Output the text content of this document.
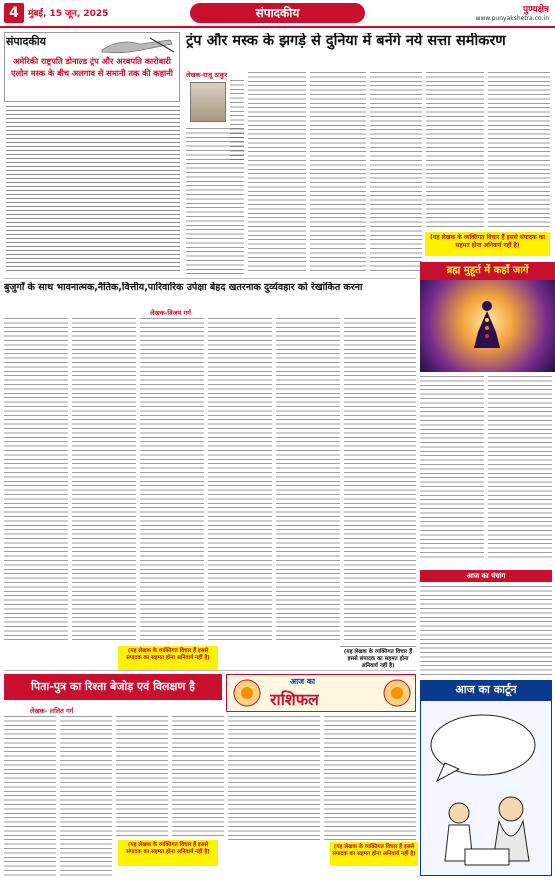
4	मुंबई, 15 जून, 2025	संपादकीय	पुण्यक्षेत्र
www.punyakshetra.co.in
संपादकीय
अमेरिकी राष्ट्रपति डोनाल्ड ट्रंप और अरबपति कारोबारी एलोन मस्क के बीच अलगाव से समानी तक की कहानी
ट्रंप और मस्क के झगड़े से दुनिया में बनेंगे नये सत्ता समीकरण
लेखक-राजू ठाकुर
(यह लेखक के व्यक्तिगत विचार हैं इससे संपादक का सहमत होना अनिवार्य नहीं है)
ब्रह्म मुहूर्त में कहाँ जागें
बुजुर्गों के साथ भावनात्मक,नैतिक,वित्तीय,पारिवारिक उपेक्षा बेहद खतरनाक दुर्व्यवहार को रेखांकित करना
लेखक-विजय गर्ग
(यह लेखक के व्यक्तिगत विचार हैं इससे संपादक का सहमत होना अनिवार्य नहीं है)
(यह लेखक के व्यक्तिगत विचार हैं इससे संपादक का सहमत होना अनिवार्य नहीं है)
आज का पंचांग
पिता-पुत्र का रिश्ता बेजोड़ एवं विलक्षण है
लेखक- ललित गर्ग
(यह लेखक के व्यक्तिगत विचार हैं इससे संपादक का सहमत होना अनिवार्य नहीं है)
आज का
राशिफल
(यह लेखक के व्यक्तिगत विचार हैं इससे संपादक का सहमत होना अनिवार्य नहीं है)
आज का कार्टून
